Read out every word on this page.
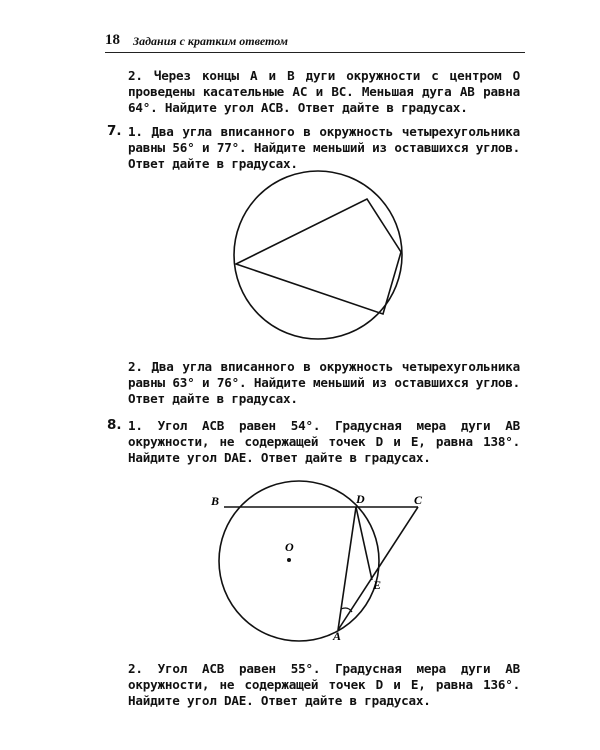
18 Задания с кратким ответом
2. Через концы A и B дуги окружности с центром O проведены касательные AC и BC. Меньшая дуга AB равна 64°. Найдите угол ACB. Ответ дайте в градусах.
7. 1. Два угла вписанного в окружность четырехугольника равны 56° и 77°. Найдите меньший из оставшихся углов. Ответ дайте в градусах.
2. Два угла вписанного в окружность четырехугольника равны 63° и 76°. Найдите меньший из оставшихся углов. Ответ дайте в градусах.
8. 1. Угол ACB равен 54°. Градусная мера дуги AB окружности, не содержащей точек D и E, равна 138°. Найдите угол DAE. Ответ дайте в градусах.
B	D	C
O
E
A
2. Угол ACB равен 55°. Градусная мера дуги AB окружности, не содержащей точек D и E, равна 136°. Найдите угол DAE. Ответ дайте в градусах.
